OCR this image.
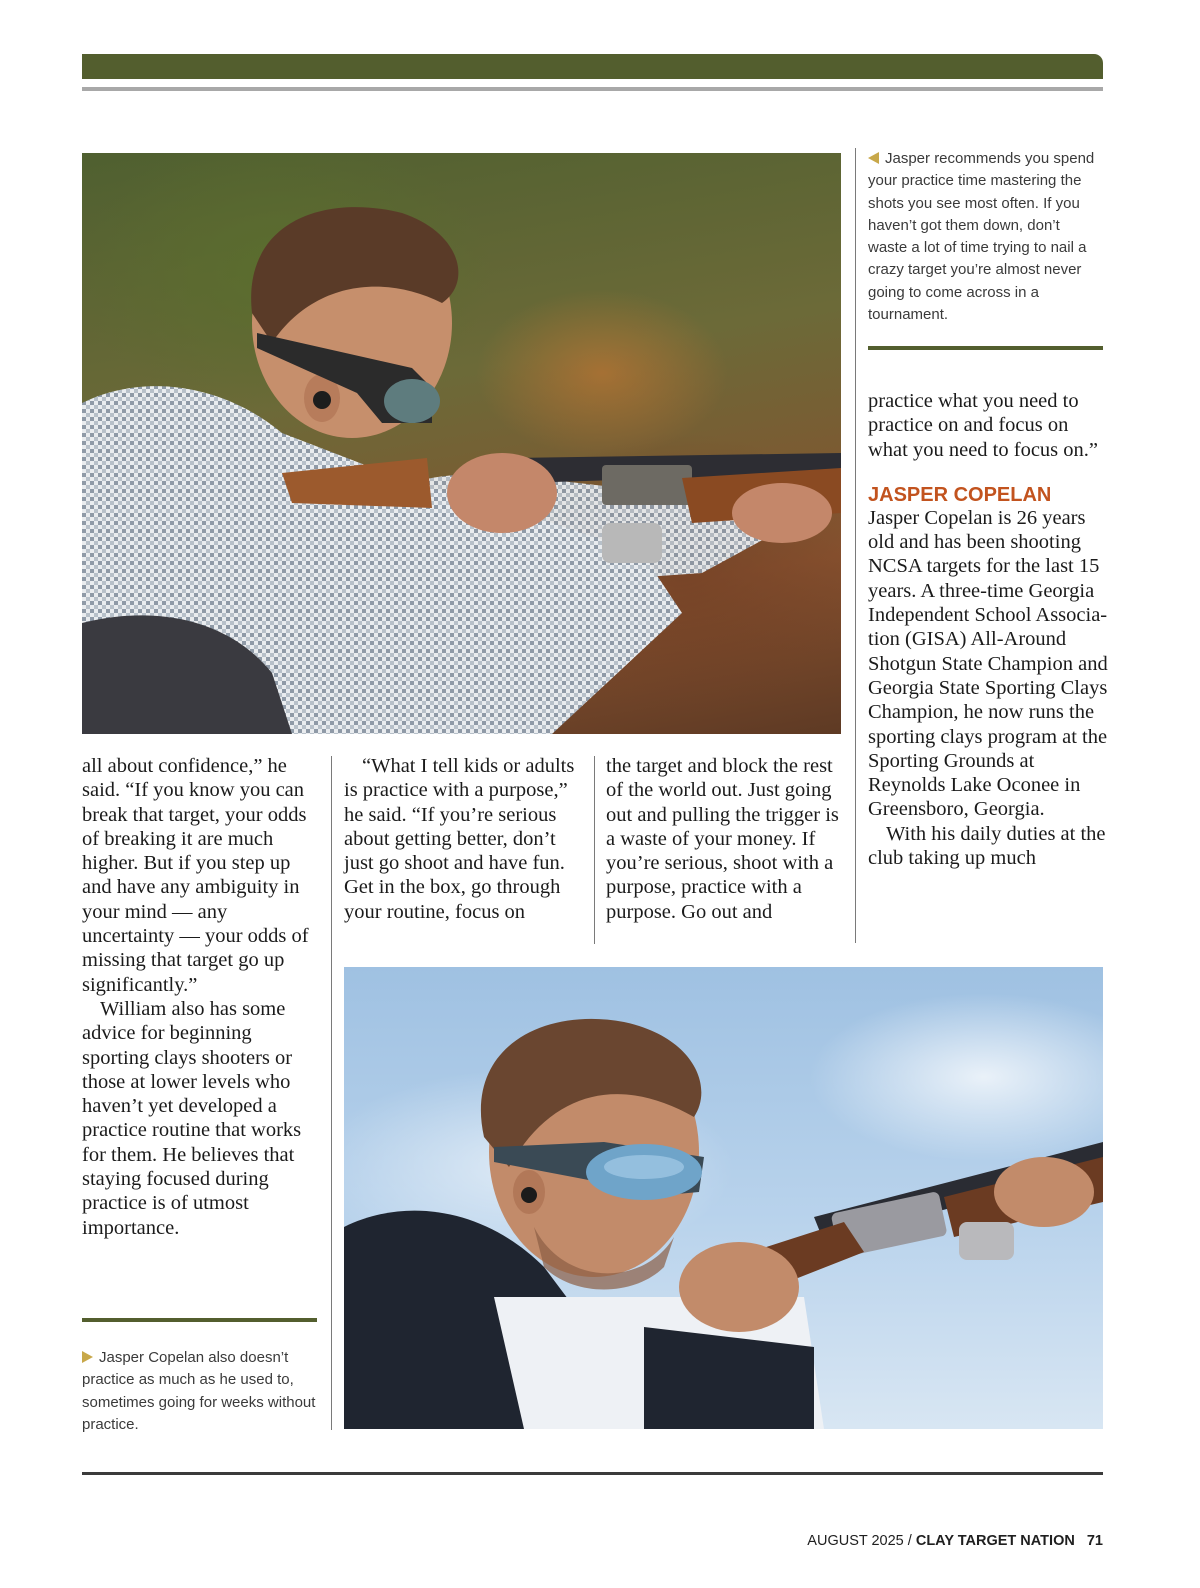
Jasper recommends you spend your practice time mastering the shots you see most often. If you haven’t got them down, don’t waste a lot of time trying to nail a crazy target you’re almost never going to come across in a tournament.

practice what you need to practice on and focus on what you need to focus on.”

JASPER COPELAN

Jasper Copelan is 26 years old and has been shooting NCSA targets for the last 15 years. A three-time Georgia Independent School Association (GISA) All-Around Shotgun State Champion and Georgia State Sporting Clays Champion, he now runs the sporting clays program at the Sporting Grounds at Reynolds Lake Oconee in Greensboro, Georgia.

With his daily duties at the club taking up much

all about confidence,” he said. “If you know you can break that target, your odds of breaking it are much higher. But if you step up and have any ambiguity in your mind — any uncertainty — your odds of missing that target go up significantly.”

William also has some advice for beginning sporting clays shooters or those at lower levels who haven’t yet developed a practice routine that works for them. He believes that staying focused during practice is of utmost importance.

“What I tell kids or adults is practice with a purpose,” he said. “If you’re serious about getting better, don’t just go shoot and have fun. Get in the box, go through your routine, focus on

the target and block the rest of the world out. Just going out and pulling the trigger is a waste of your money. If you’re serious, shoot with a purpose, practice with a purpose. Go out and

Jasper Copelan also doesn’t practice as much as he used to, sometimes going for weeks without practice.
AUGUST 2025 / CLAY TARGET NATION 71
